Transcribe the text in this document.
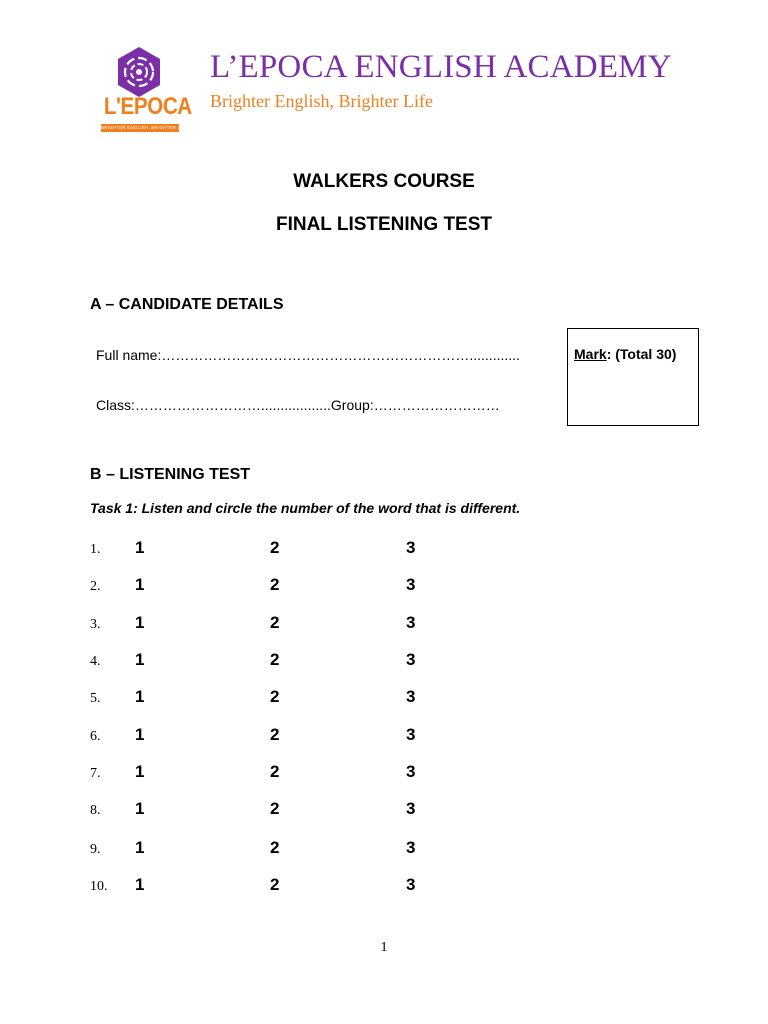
L'EPOCA
BRIGHTER ENGLISH, BRIGHTER LIFE
L’EPOCA ENGLISH ACADEMY
Brighter English, Brighter Life
WALKERS COURSE
FINAL LISTENING TEST
A – CANDIDATE DETAILS
Full name:………………………………………………………….............
Class:………………………..................Group:………………………
Mark: (Total 30)
B – LISTENING TEST
Task 1: Listen and circle the number of the word that is different.
1. 1	2	3
2. 1	2	3
3. 1	2	3
4. 1	2	3
5. 1	2	3
6. 1	2	3
7. 1	2	3
8. 1	2	3
9. 1	2	3
10. 1	2	3
1
